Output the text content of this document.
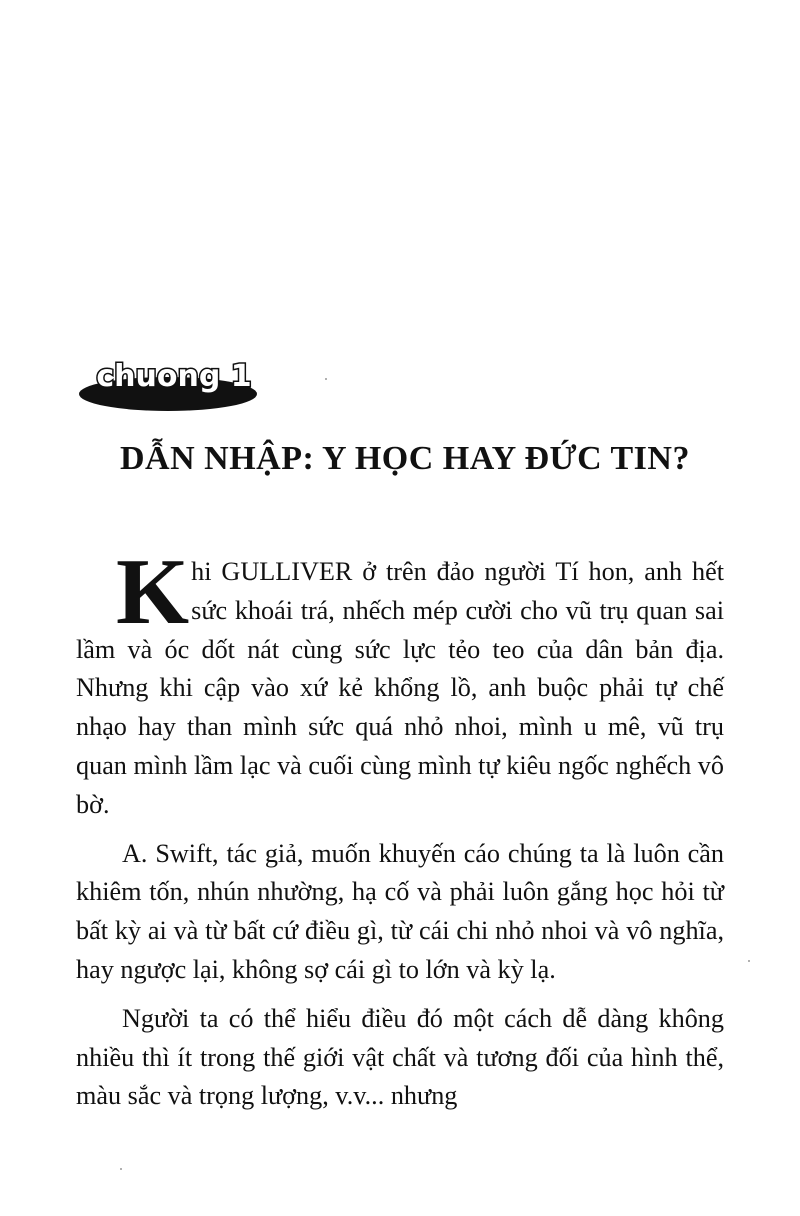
chuong 1
DẪN NHẬP: Y HỌC HAY ĐỨC TIN?

Khi GULLIVER ở trên đảo người Tí hon, anh hết sức khoái trá, nhếch mép cười cho vũ trụ quan sai lầm và óc dốt nát cùng sức lực tẻo teo của dân bản địa. Nhưng khi cập vào xứ kẻ khổng lồ, anh buộc phải tự chế nhạo hay than mình sức quá nhỏ nhoi, mình u mê, vũ trụ quan mình lầm lạc và cuối cùng mình tự kiêu ngốc nghếch vô bờ.

A. Swift, tác giả, muốn khuyến cáo chúng ta là luôn cần khiêm tốn, nhún nhường, hạ cố và phải luôn gắng học hỏi từ bất kỳ ai và từ bất cứ điều gì, từ cái chi nhỏ nhoi và vô nghĩa, hay ngược lại, không sợ cái gì to lớn và kỳ lạ.

Người ta có thể hiểu điều đó một cách dễ dàng không nhiều thì ít trong thế giới vật chất và tương đối của hình thể, màu sắc và trọng lượng, v.v... nhưng
